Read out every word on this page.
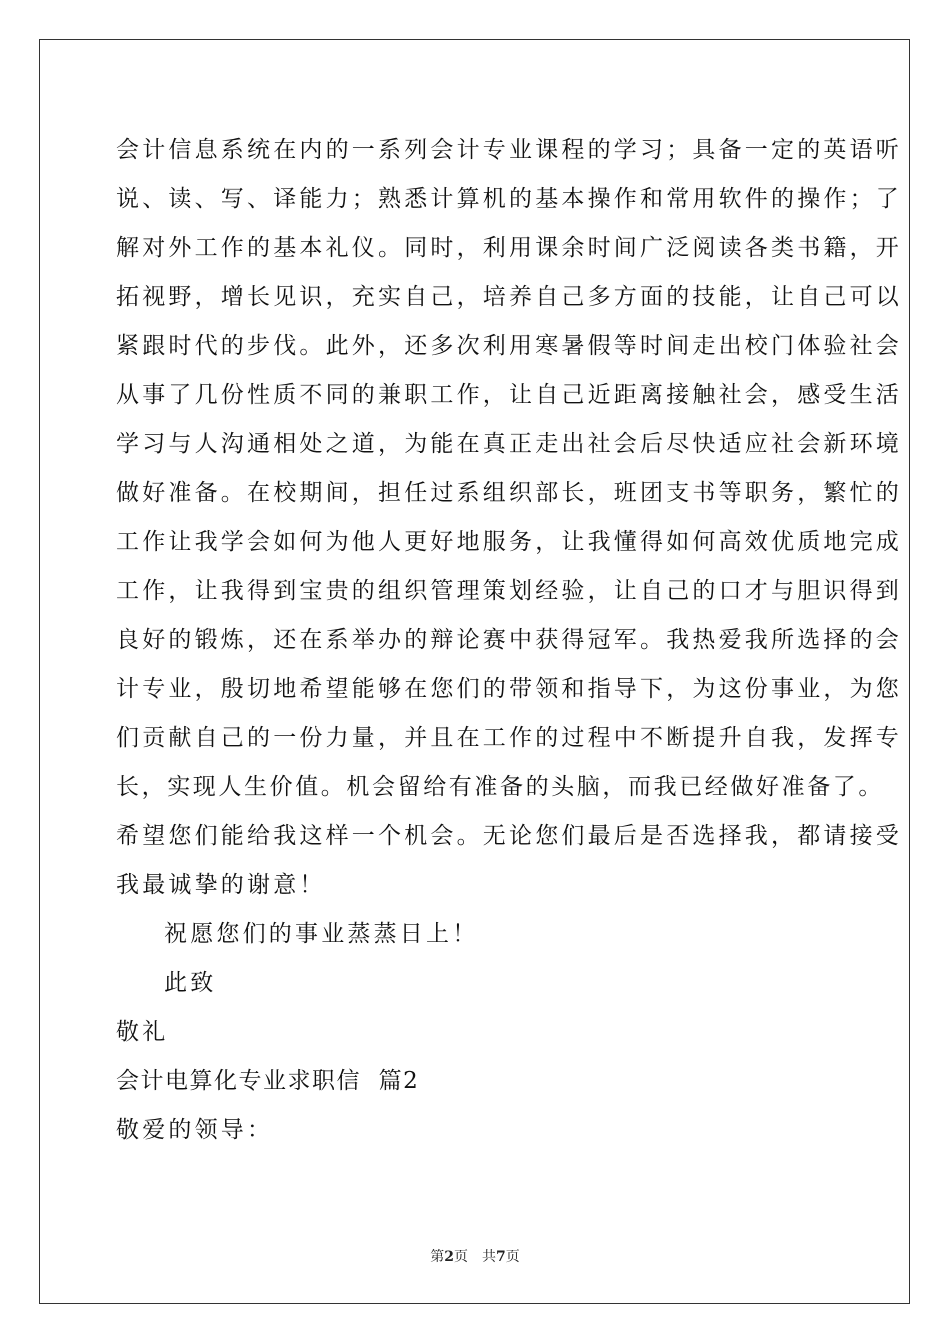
会计信息系统在内的一系列会计专业课程的学习；具备一定的英语听
说、读、写、译能力；熟悉计算机的基本操作和常用软件的操作；了
解对外工作的基本礼仪。同时，利用课余时间广泛阅读各类书籍，开
拓视野，增长见识，充实自己，培养自己多方面的技能，让自己可以
紧跟时代的步伐。此外，还多次利用寒暑假等时间走出校门体验社会
从事了几份性质不同的兼职工作，让自己近距离接触社会，感受生活
学习与人沟通相处之道，为能在真正走出社会后尽快适应社会新环境
做好准备。在校期间，担任过系组织部长，班团支书等职务，繁忙的
工作让我学会如何为他人更好地服务，让我懂得如何高效优质地完成
工作，让我得到宝贵的组织管理策划经验，让自己的口才与胆识得到
良好的锻炼，还在系举办的辩论赛中获得冠军。我热爱我所选择的会
计专业，殷切地希望能够在您们的带领和指导下，为这份事业，为您
们贡献自己的一份力量，并且在工作的过程中不断提升自我，发挥专
长，实现人生价值。机会留给有准备的头脑，而我已经做好准备了。
希望您们能给我这样一个机会。无论您们最后是否选择我，都请接受
我最诚挚的谢意！
祝愿您们的事业蒸蒸日上！
此致
敬礼
会计电算化专业求职信  篇2
敬爱的领导：
第2页 共7页
